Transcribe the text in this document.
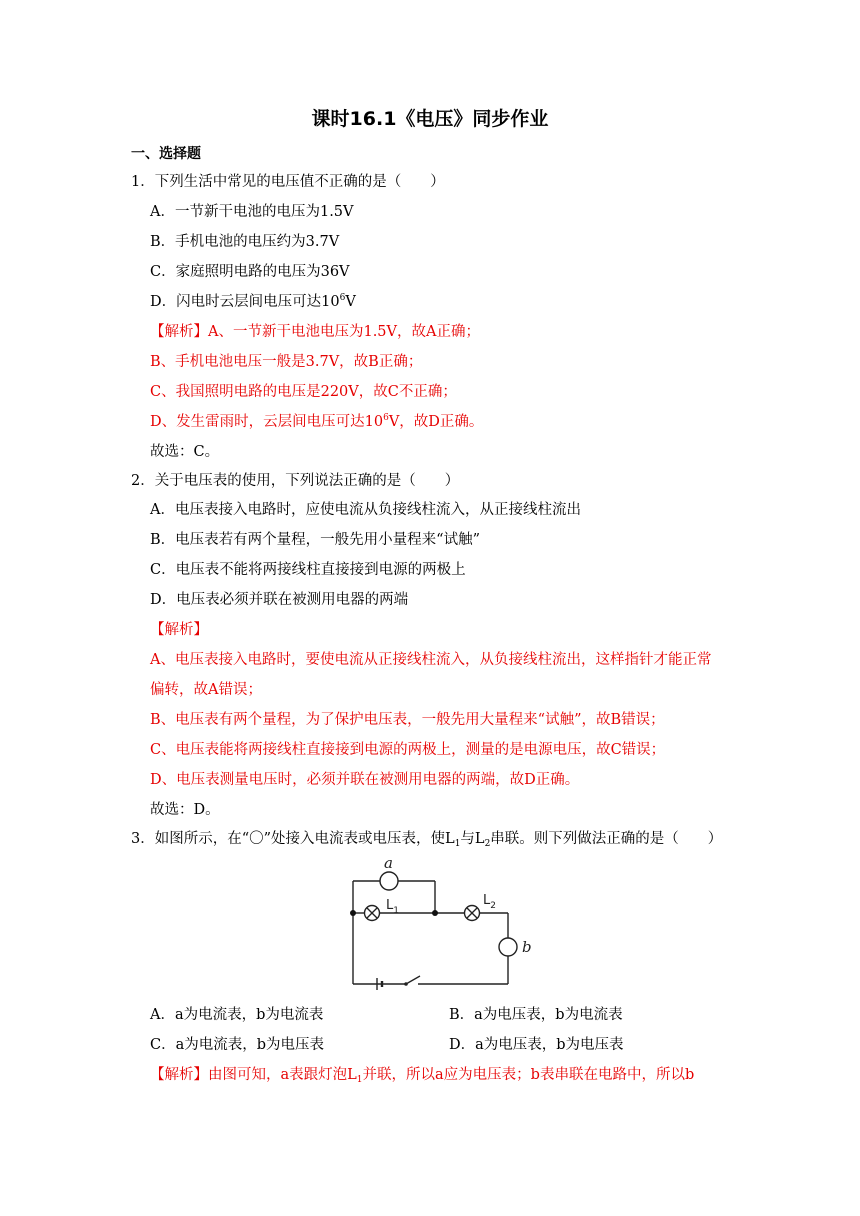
课时16.1《电压》同步作业
一、选择题
1．下列生活中常见的电压值不正确的是（　　）
A．一节新干电池的电压为1.5V
B．手机电池的电压约为3.7V
C．家庭照明电路的电压为36V
D．闪电时云层间电压可达$10^6V$
【解析】A、一节新干电池电压为1.5V，故A正确；
B、手机电池电压一般是3.7V，故B正确；
C、我国照明电路的电压是220V，故C不正确；
D、发生雷雨时，云层间电压可达$10^6V$，故D正确。
故选：C。
2．关于电压表的使用，下列说法正确的是（　　）
A．电压表接入电路时，应使电流从负接线柱流入，从正接线柱流出
B．电压表若有两个量程，一般先用小量程来“试触”
C．电压表不能将两接线柱直接接到电源的两极上
D．电压表必须并联在被测用电器的两端
【解析】
A、电压表接入电路时，要使电流从正接线柱流入，从负接线柱流出，这样指针才能正常
偏转，故A错误；
B、电压表有两个量程，为了保护电压表，一般先用大量程来“试触”，故B错误；
C、电压表能将两接线柱直接接到电源的两极上，测量的是电源电压，故C错误；
D、电压表测量电压时，必须并联在被测用电器的两端，故D正确。
故选：D。
3．如图所示，在“〇”处接入电流表或电压表，使$L_1$与$L_2$串联。则下列做法正确的是（　　）
a
b
$L_1$
$L_2$
A．a为电流表，b为电流表	B．a为电压表，b为电流表
C．a为电流表，b为电压表	D．a为电压表，b为电压表
【解析】由图可知，a表跟灯泡$L_1$并联，所以a应为电压表；b表串联在电路中，所以b
